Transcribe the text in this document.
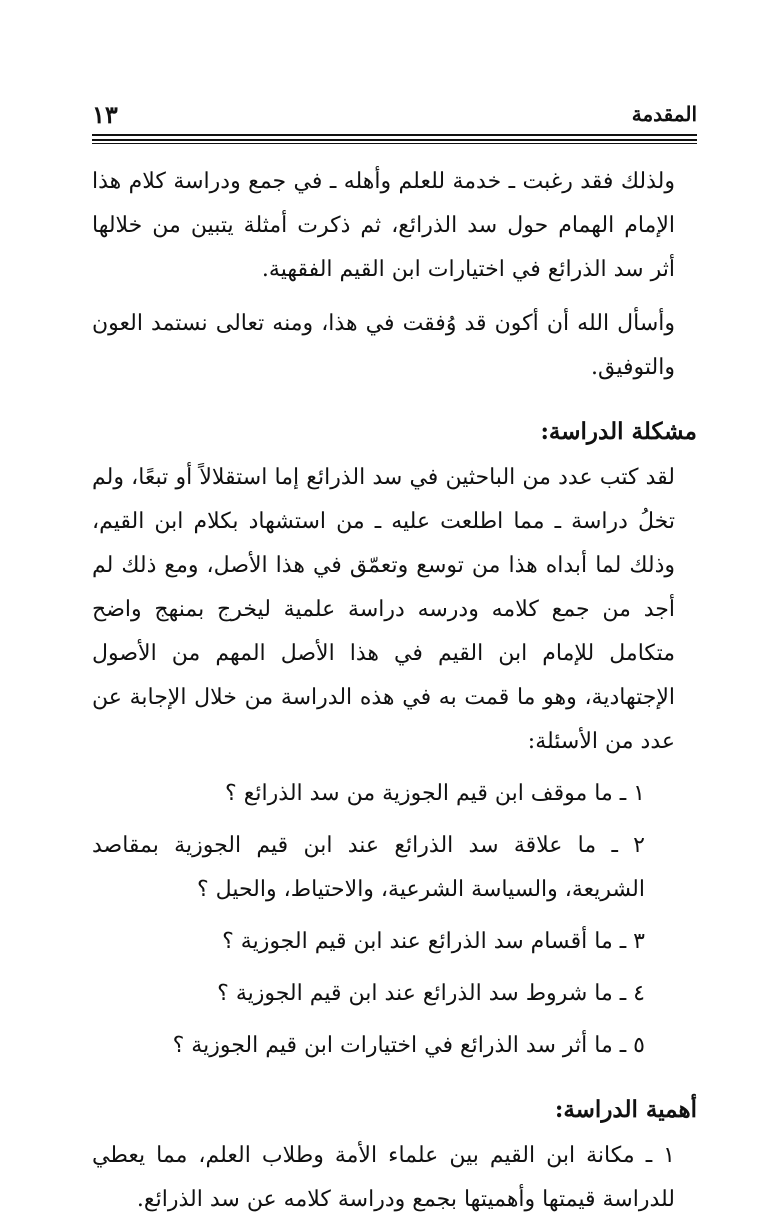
المقدمة
١٣

ولذلك فقد رغبت ـ خدمة للعلم وأهله ـ في جمع ودراسة كلام هذا الإمام الهمام حول سد الذرائع، ثم ذكرت أمثلة يتبين من خلالها أثر سد الذرائع في اختيارات ابن القيم الفقهية.

وأسأل الله أن أكون قد وُفقت في هذا، ومنه تعالى نستمد العون والتوفيق.

مشكلة الدراسة:

لقد كتب عدد من الباحثين في سد الذرائع إما استقلالاً أو تبعًا، ولم تخلُ دراسة ـ مما اطلعت عليه ـ من استشهاد بكلام ابن القيم، وذلك لما أبداه هذا من توسع وتعمّق في هذا الأصل، ومع ذلك لم أجد من جمع كلامه ودرسه دراسة علمية ليخرج بمنهج واضح متكامل للإمام ابن القيم في هذا الأصل المهم من الأصول الإجتهادية، وهو ما قمت به في هذه الدراسة من خلال الإجابة عن عدد من الأسئلة:

١ ـ ما موقف ابن قيم الجوزية من سد الذرائع ؟
٢ ـ ما علاقة سد الذرائع عند ابن قيم الجوزية بمقاصد الشريعة، والسياسة الشرعية، والاحتياط، والحيل ؟
٣ ـ ما أقسام سد الذرائع عند ابن قيم الجوزية ؟
٤ ـ ما شروط سد الذرائع عند ابن قيم الجوزية ؟
٥ ـ ما أثر سد الذرائع في اختيارات ابن قيم الجوزية ؟
أهمية الدراسة:

١ ـ مكانة ابن القيم بين علماء الأمة وطلاب العلم، مما يعطي للدراسة قيمتها وأهميتها بجمع ودراسة كلامه عن سد الذرائع.
